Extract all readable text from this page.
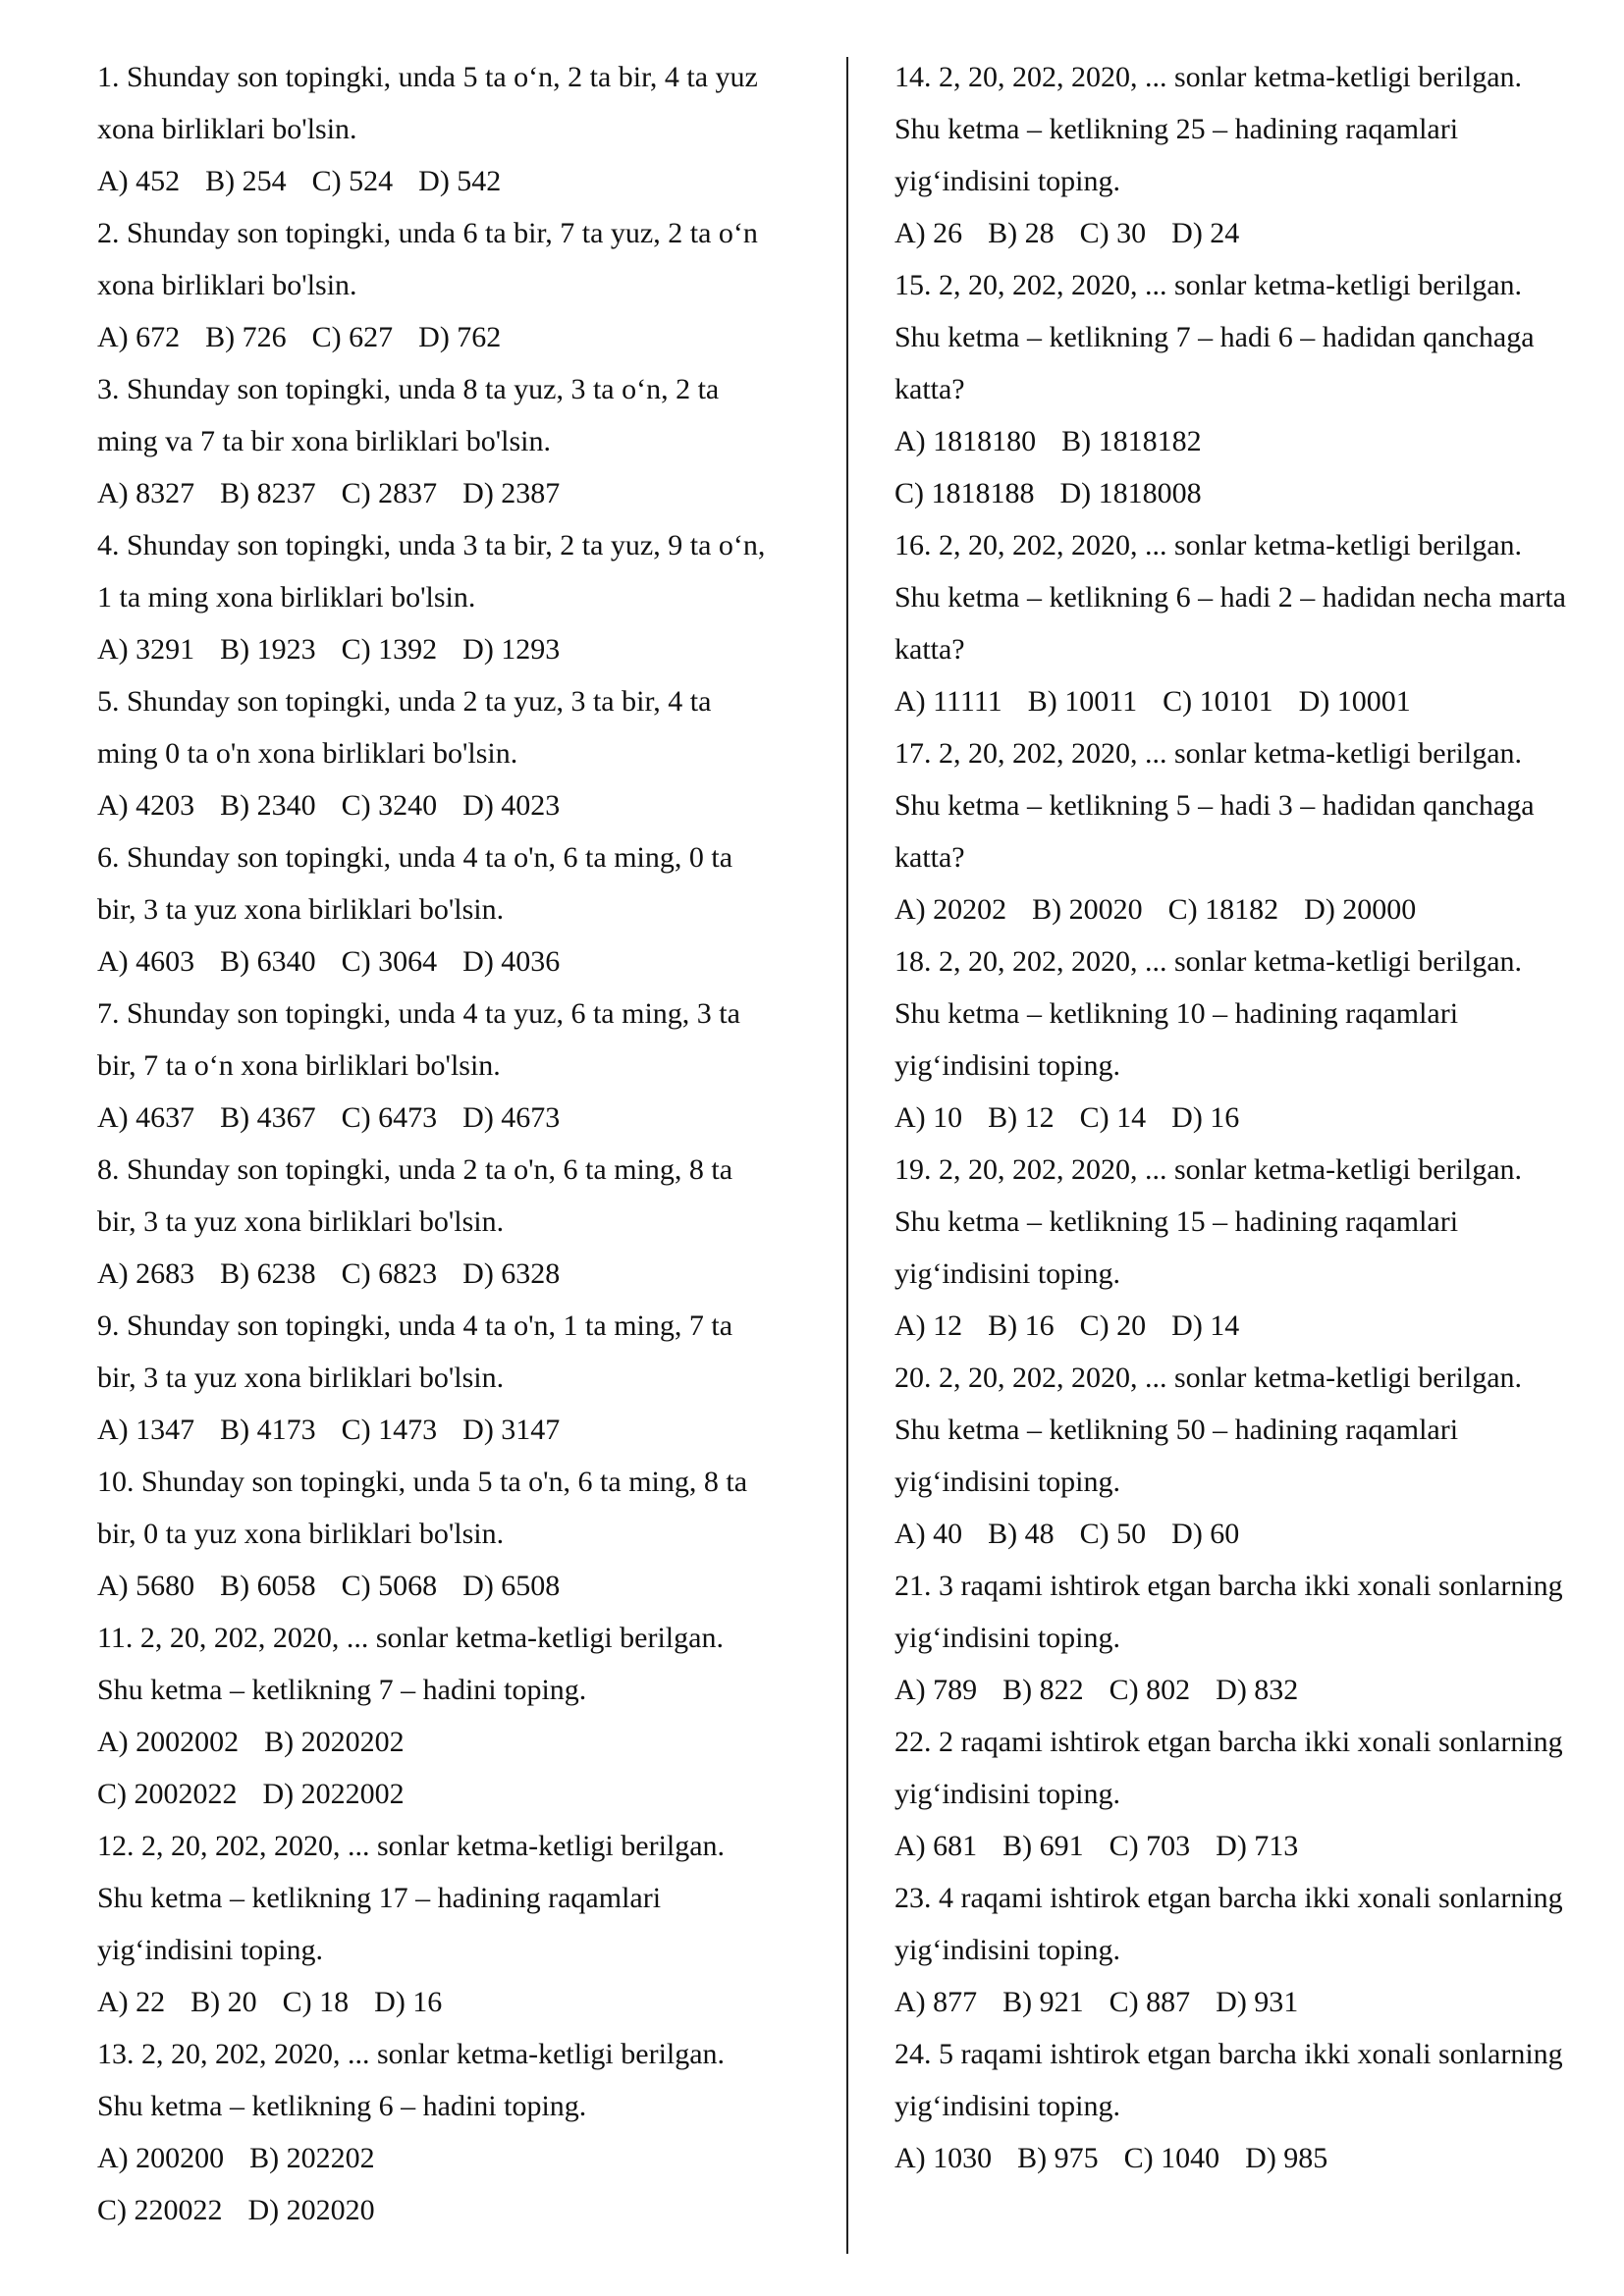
1. Shunday son topingki, unda 5 ta o‘n, 2 ta bir, 4 ta yuz
xona birliklari bo'lsin.
A) 452 B) 254 C) 524 D) 542
2. Shunday son topingki, unda 6 ta bir, 7 ta yuz, 2 ta o‘n
xona birliklari bo'lsin.
A) 672 B) 726 C) 627 D) 762
3. Shunday son topingki, unda 8 ta yuz, 3 ta o‘n, 2 ta
ming va 7 ta bir xona birliklari bo'lsin.
A) 8327 B) 8237 C) 2837 D) 2387
4. Shunday son topingki, unda 3 ta bir, 2 ta yuz, 9 ta o‘n,
1 ta ming xona birliklari bo'lsin.
A) 3291 B) 1923 C) 1392 D) 1293
5. Shunday son topingki, unda 2 ta yuz, 3 ta bir, 4 ta
ming 0 ta o'n xona birliklari bo'lsin.
A) 4203 B) 2340 C) 3240 D) 4023
6. Shunday son topingki, unda 4 ta o'n, 6 ta ming, 0 ta
bir, 3 ta yuz xona birliklari bo'lsin.
A) 4603 B) 6340 C) 3064 D) 4036
7. Shunday son topingki, unda 4 ta yuz, 6 ta ming, 3 ta
bir, 7 ta o‘n xona birliklari bo'lsin.
A) 4637 B) 4367 C) 6473 D) 4673
8. Shunday son topingki, unda 2 ta o'n, 6 ta ming, 8 ta
bir, 3 ta yuz xona birliklari bo'lsin.
A) 2683 B) 6238 C) 6823 D) 6328
9. Shunday son topingki, unda 4 ta o'n, 1 ta ming, 7 ta
bir, 3 ta yuz xona birliklari bo'lsin.
A) 1347 B) 4173 C) 1473 D) 3147
10. Shunday son topingki, unda 5 ta o'n, 6 ta ming, 8 ta
bir, 0 ta yuz xona birliklari bo'lsin.
A) 5680 B) 6058 C) 5068 D) 6508
11. 2, 20, 202, 2020, ... sonlar ketma-ketligi berilgan.
Shu ketma – ketlikning 7 – hadini toping.
A) 2002002 B) 2020202
C) 2002022 D) 2022002
12. 2, 20, 202, 2020, ... sonlar ketma-ketligi berilgan.
Shu ketma – ketlikning 17 – hadining raqamlari
yig‘indisini toping.
A) 22 B) 20 C) 18 D) 16
13. 2, 20, 202, 2020, ... sonlar ketma-ketligi berilgan.
Shu ketma – ketlikning 6 – hadini toping.
A) 200200 B) 202202
C) 220022 D) 202020
14. 2, 20, 202, 2020, ... sonlar ketma-ketligi berilgan.
Shu ketma – ketlikning 25 – hadining raqamlari
yig‘indisini toping.
A) 26 B) 28 C) 30 D) 24
15. 2, 20, 202, 2020, ... sonlar ketma-ketligi berilgan.
Shu ketma – ketlikning 7 – hadi 6 – hadidan qanchaga
katta?
A) 1818180 B) 1818182
C) 1818188 D) 1818008
16. 2, 20, 202, 2020, ... sonlar ketma-ketligi berilgan.
Shu ketma – ketlikning 6 – hadi 2 – hadidan necha marta
katta?
A) 11111 B) 10011 C) 10101 D) 10001
17. 2, 20, 202, 2020, ... sonlar ketma-ketligi berilgan.
Shu ketma – ketlikning 5 – hadi 3 – hadidan qanchaga
katta?
A) 20202 B) 20020 C) 18182 D) 20000
18. 2, 20, 202, 2020, ... sonlar ketma-ketligi berilgan.
Shu ketma – ketlikning 10 – hadining raqamlari
yig‘indisini toping.
A) 10 B) 12 C) 14 D) 16
19. 2, 20, 202, 2020, ... sonlar ketma-ketligi berilgan.
Shu ketma – ketlikning 15 – hadining raqamlari
yig‘indisini toping.
A) 12 B) 16 C) 20 D) 14
20. 2, 20, 202, 2020, ... sonlar ketma-ketligi berilgan.
Shu ketma – ketlikning 50 – hadining raqamlari
yig‘indisini toping.
A) 40 B) 48 C) 50 D) 60
21. 3 raqami ishtirok etgan barcha ikki xonali sonlarning
yig‘indisini toping.
A) 789 B) 822 C) 802 D) 832
22. 2 raqami ishtirok etgan barcha ikki xonali sonlarning
yig‘indisini toping.
A) 681 B) 691 C) 703 D) 713
23. 4 raqami ishtirok etgan barcha ikki xonali sonlarning
yig‘indisini toping.
A) 877 B) 921 C) 887 D) 931
24. 5 raqami ishtirok etgan barcha ikki xonali sonlarning
yig‘indisini toping.
A) 1030 B) 975 C) 1040 D) 985
